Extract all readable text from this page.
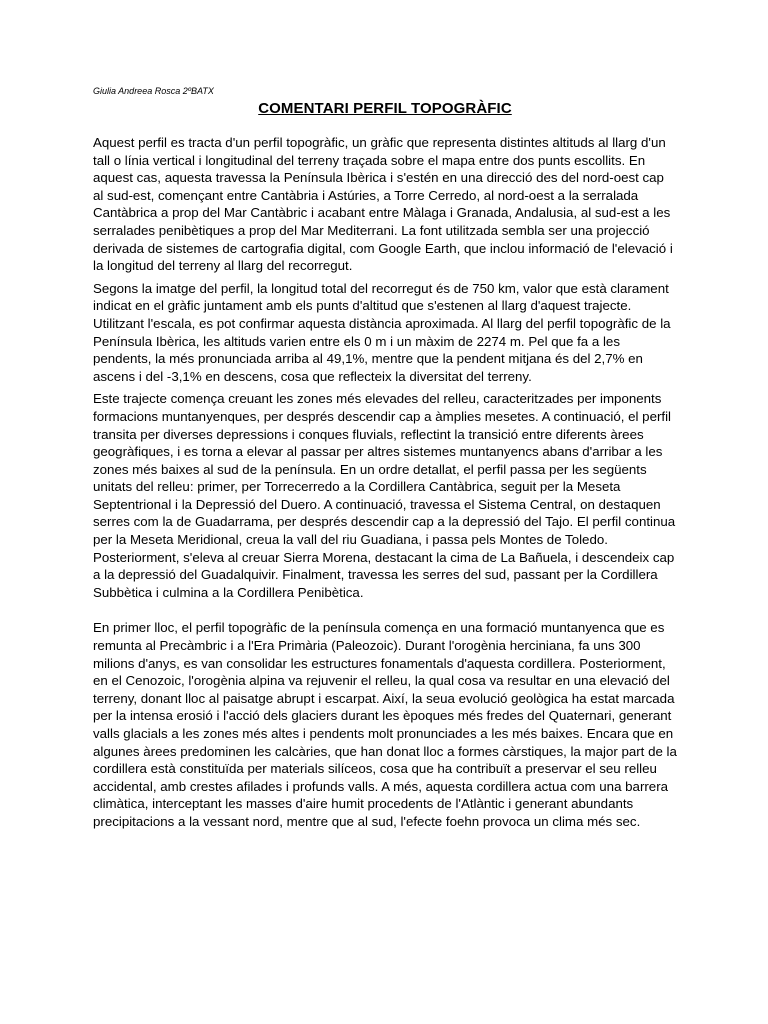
Giulia Andreea Rosca 2ºBATX

COMENTARI PERFIL TOPOGRÀFIC

Aquest perfil es tracta d'un perfil topogràfic, un gràfic que representa distintes altituds al llarg d'un tall o línia vertical i longitudinal del terreny traçada sobre el mapa entre dos punts escollits. En aquest cas, aquesta travessa la Península Ibèrica i s'estén en una direcció des del nord-oest cap al sud-est, començant entre Cantàbria i Astúries, a Torre Cerredo, al nord-oest a la serralada Cantàbrica a prop del Mar Cantàbric i acabant entre Màlaga i Granada, Andalusia, al sud-est a les serralades penibètiques a prop del Mar Mediterrani. La font utilitzada sembla ser una projecció derivada de sistemes de cartografia digital, com Google Earth, que inclou informació de l'elevació i la longitud del terreny al llarg del recorregut.

Segons la imatge del perfil, la longitud total del recorregut és de 750 km, valor que està clarament indicat en el gràfic juntament amb els punts d'altitud que s'estenen al llarg d'aquest trajecte. Utilitzant l'escala, es pot confirmar aquesta distància aproximada. Al llarg del perfil topogràfic de la Península Ibèrica, les altituds varien entre els 0 m i un màxim de 2274 m. Pel que fa a les pendents, la més pronunciada arriba al 49,1%, mentre que la pendent mitjana és del 2,7% en ascens i del -3,1% en descens, cosa que reflecteix la diversitat del terreny.

Este trajecte comença creuant les zones més elevades del relleu, caracteritzades per imponents formacions muntanyenques, per després descendir cap a àmplies mesetes. A continuació, el perfil transita per diverses depressions i conques fluvials, reflectint la transició entre diferents àrees geogràfiques, i es torna a elevar al passar per altres sistemes muntanyencs abans d'arribar a les zones més baixes al sud de la península. En un ordre detallat, el perfil passa per les següents unitats del relleu: primer, per Torrecerredo a la Cordillera Cantàbrica, seguit per la Meseta Septentrional i la Depressió del Duero. A continuació, travessa el Sistema Central, on destaquen serres com la de Guadarrama, per després descendir cap a la depressió del Tajo. El perfil continua per la Meseta Meridional, creua la vall del riu Guadiana, i passa pels Montes de Toledo. Posteriorment, s'eleva al creuar Sierra Morena, destacant la cima de La Bañuela, i descendeix cap a la depressió del Guadalquivir. Finalment, travessa les serres del sud, passant per la Cordillera Subbètica i culmina a la Cordillera Penibètica.

En primer lloc, el perfil topogràfic de la península comença en una formació muntanyenca que es remunta al Precàmbric i a l'Era Primària (Paleozoic). Durant l'orogènia herciniana, fa uns 300 milions d'anys, es van consolidar les estructures fonamentals d'aquesta cordillera. Posteriorment, en el Cenozoic, l'orogènia alpina va rejuvenir el relleu, la qual cosa va resultar en una elevació del terreny, donant lloc al paisatge abrupt i escarpat. Així, la seua evolució geològica ha estat marcada per la intensa erosió i l'acció dels glaciers durant les èpoques més fredes del Quaternari, generant valls glacials a les zones més altes i pendents molt pronunciades a les més baixes. Encara que en algunes àrees predominen les calcàries, que han donat lloc a formes càrstiques, la major part de la cordillera està constituïda per materials silíceos, cosa que ha contribuït a preservar el seu relleu accidental, amb crestes afilades i profunds valls. A més, aquesta cordillera actua com una barrera climàtica, interceptant les masses d'aire humit procedents de l'Atlàntic i generant abundants precipitacions a la vessant nord, mentre que al sud, l'efecte foehn provoca un clima més sec.
